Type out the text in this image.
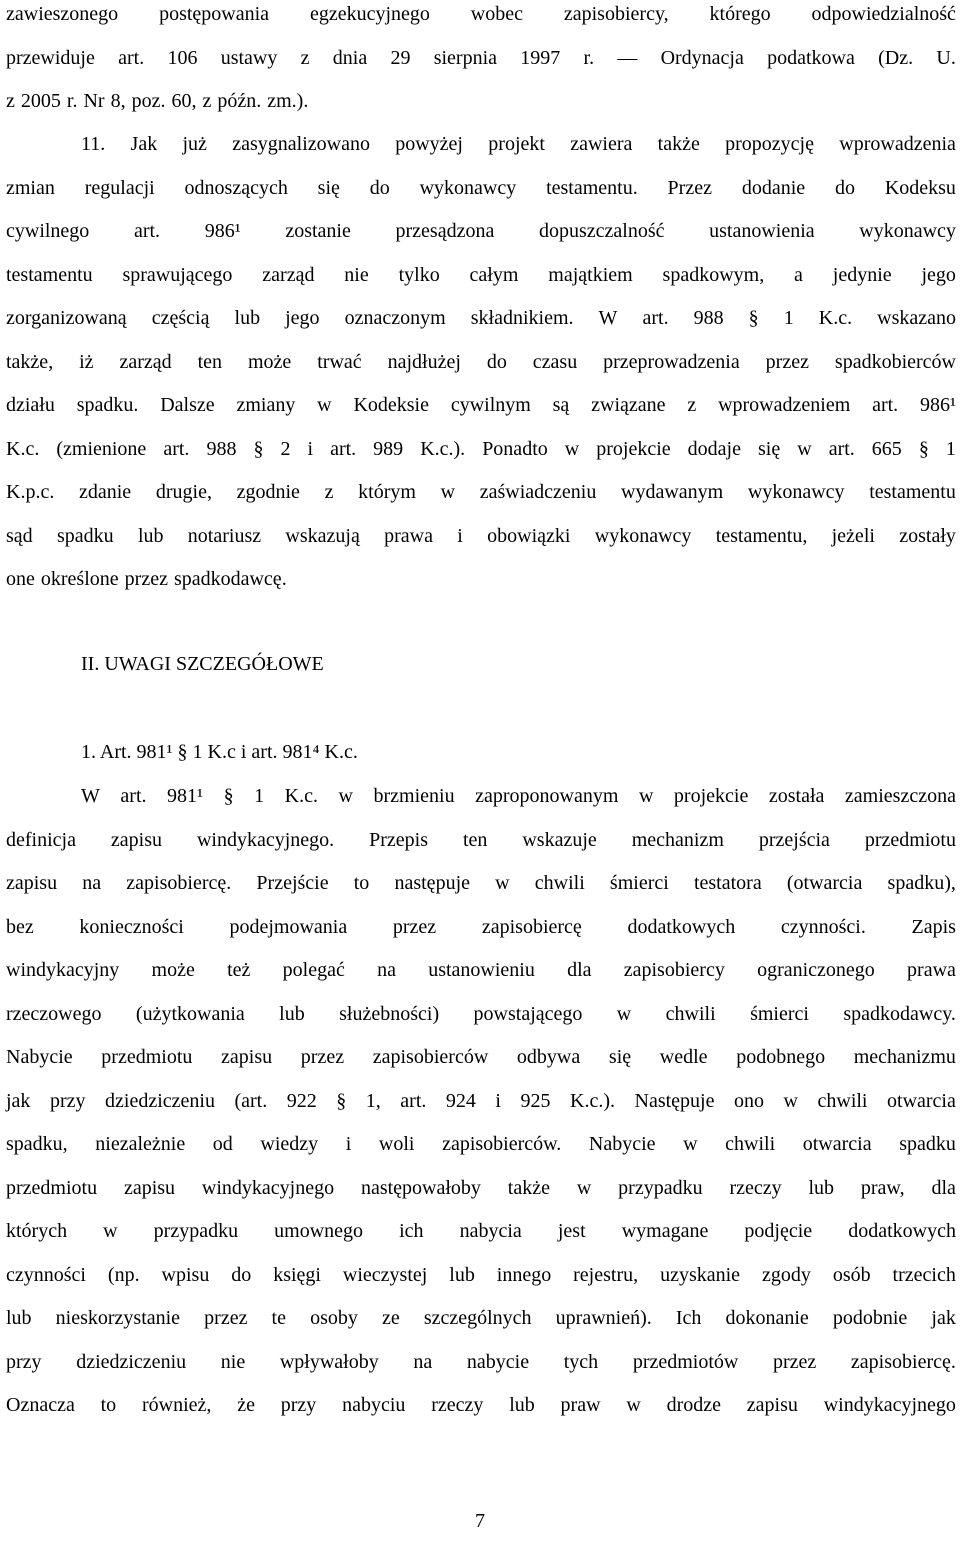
zawieszonego postępowania egzekucyjnego wobec zapisobiercy, którego odpowiedzialność
przewiduje art. 106 ustawy z dnia 29 sierpnia 1997 r. — Ordynacja podatkowa (Dz. U.
z 2005 r. Nr 8, poz. 60, z późn. zm.).
11. Jak już zasygnalizowano powyżej projekt zawiera także propozycję wprowadzenia
zmian regulacji odnoszących się do wykonawcy testamentu. Przez dodanie do Kodeksu
cywilnego art. 986¹ zostanie przesądzona dopuszczalność ustanowienia wykonawcy
testamentu sprawującego zarząd nie tylko całym majątkiem spadkowym, a jedynie jego
zorganizowaną częścią lub jego oznaczonym składnikiem. W art. 988 § 1 K.c. wskazano
także, iż zarząd ten może trwać najdłużej do czasu przeprowadzenia przez spadkobierców
działu spadku. Dalsze zmiany w Kodeksie cywilnym są związane z wprowadzeniem art. 986¹
K.c. (zmienione art. 988 § 2 i art. 989 K.c.). Ponadto w projekcie dodaje się w art. 665 § 1
K.p.c. zdanie drugie, zgodnie z którym w zaświadczeniu wydawanym wykonawcy testamentu
sąd spadku lub notariusz wskazują prawa i obowiązki wykonawcy testamentu, jeżeli zostały
one określone przez spadkodawcę.
II. UWAGI SZCZEGÓŁOWE
1. Art. 981¹ § 1 K.c i art. 981⁴ K.c.
W art. 981¹ § 1 K.c. w brzmieniu zaproponowanym w projekcie została zamieszczona
definicja zapisu windykacyjnego. Przepis ten wskazuje mechanizm przejścia przedmiotu
zapisu na zapisobiercę. Przejście to następuje w chwili śmierci testatora (otwarcia spadku),
bez konieczności podejmowania przez zapisobiercę dodatkowych czynności. Zapis
windykacyjny może też polegać na ustanowieniu dla zapisobiercy ograniczonego prawa
rzeczowego (użytkowania lub służebności) powstającego w chwili śmierci spadkodawcy.
Nabycie przedmiotu zapisu przez zapisobierców odbywa się wedle podobnego mechanizmu
jak przy dziedziczeniu (art. 922 § 1, art. 924 i 925 K.c.). Następuje ono w chwili otwarcia
spadku, niezależnie od wiedzy i woli zapisobierców. Nabycie w chwili otwarcia spadku
przedmiotu zapisu windykacyjnego następowałoby także w przypadku rzeczy lub praw, dla
których w przypadku umownego ich nabycia jest wymagane podjęcie dodatkowych
czynności (np. wpisu do księgi wieczystej lub innego rejestru, uzyskanie zgody osób trzecich
lub nieskorzystanie przez te osoby ze szczególnych uprawnień). Ich dokonanie podobnie jak
przy dziedziczeniu nie wpływałoby na nabycie tych przedmiotów przez zapisobiercę.
Oznacza to również, że przy nabyciu rzeczy lub praw w drodze zapisu windykacyjnego
7
